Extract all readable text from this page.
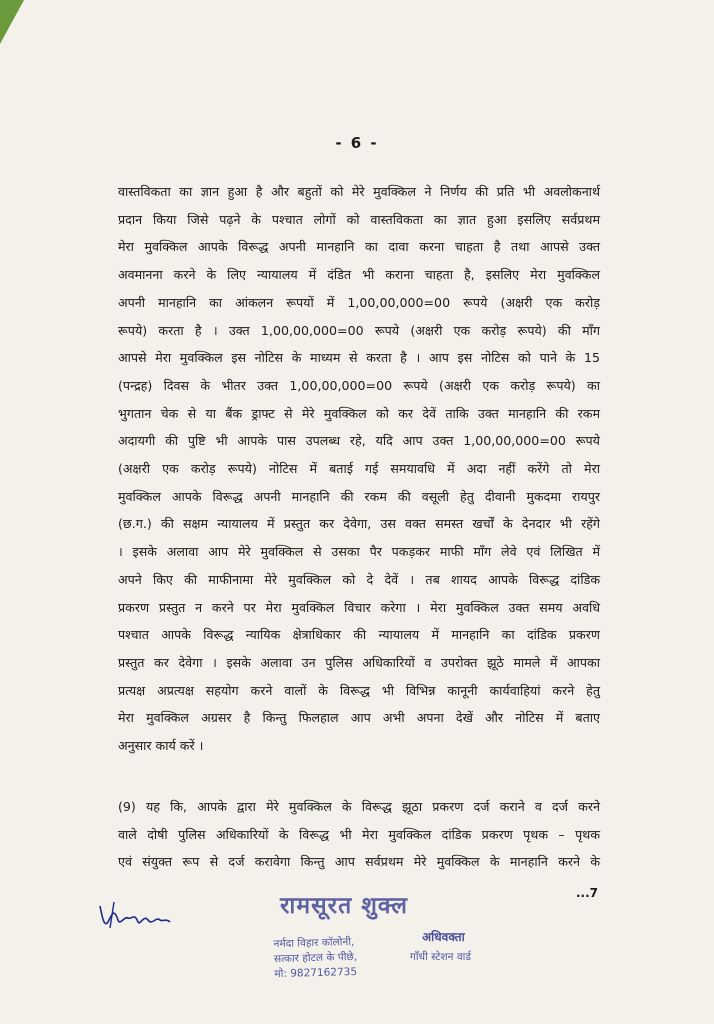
- 6 -
वास्तविकता का ज्ञान हुआ है और बहुतों को मेरे मुवक्किल ने निर्णय की प्रति भी अवलोकनार्थ
प्रदान किया जिसे पढ़ने के पश्चात लोगों को वास्तविकता का ज्ञात हुआ इसलिए सर्वप्रथम
मेरा मुवक्किल आपके विरूद्ध अपनी मानहानि का दावा करना चाहता है तथा आपसे उक्त
अवमानना करने के लिए न्यायालय में दंडित भी कराना चाहता है, इसलिए मेरा मुवक्किल
अपनी मानहानि का आंकलन रूपयों में 1,00,00,000=00 रूपये (अक्षरी एक करोड़
रूपये) करता है । उक्त 1,00,00,000=00 रूपये (अक्षरी एक करोड़ रूपये) की माँग
आपसे मेरा मुवक्किल इस नोटिस के माध्यम से करता है । आप इस नोटिस को पाने के 15
(पन्द्रह) दिवस के भीतर उक्त 1,00,00,000=00 रूपये (अक्षरी एक करोड़ रूपये) का
भुगतान चेक से या बैंक ड्राफ्ट से मेरे मुवक्किल को कर देवें ताकि उक्त मानहानि की रकम
अदायगी की पुष्टि भी आपके पास उपलब्ध रहे, यदि आप उक्त 1,00,00,000=00 रूपये
(अक्षरी एक करोड़ रूपये) नोटिस में बताई गई समयावधि में अदा नहीं करेंगे तो मेरा
मुवक्किल आपके विरूद्ध अपनी मानहानि की रकम की वसूली हेतु दीवानी मुकदमा रायपुर
(छ.ग.) की सक्षम न्यायालय में प्रस्तुत कर देवेगा, उस वक्त समस्त खर्चों के देनदार भी रहेंगे
। इसके अलावा आप मेरे मुवक्किल से उसका पैर पकड़कर माफी माँग लेवे एवं लिखित में
अपने किए की माफीनामा मेरे मुवक्किल को दे देवें । तब शायद आपके विरूद्ध दांडिक
प्रकरण प्रस्तुत न करने पर मेरा मुवक्किल विचार करेगा । मेरा मुवक्किल उक्त समय अवधि
पश्चात आपके विरूद्ध न्यायिक क्षेत्राधिकार की न्यायालय में मानहानि का दांडिक प्रकरण
प्रस्तुत कर देवेगा । इसके अलावा उन पुलिस अधिकारियों व उपरोक्त झूठे मामले में आपका
प्रत्यक्ष अप्रत्यक्ष सहयोग करने वालों के विरूद्ध भी विभिन्न कानूनी कार्यवाहियां करने हेतु
मेरा मुवक्किल अग्रसर है किन्तु फिलहाल आप अभी अपना देखें और नोटिस में बताए
अनुसार कार्य करें ।
(9) यह कि, आपके द्वारा मेरे मुवक्किल के विरूद्ध झूठा प्रकरण दर्ज कराने व दर्ज करने
वाले दोषी पुलिस अधिकारियों के विरूद्ध भी मेरा मुवक्किल दांडिक प्रकरण पृथक – पृथक
एवं संयुक्त रूप से दर्ज करावेगा किन्तु आप सर्वप्रथम मेरे मुवक्किल के मानहानि करने के
...7
रामसूरत शुक्ल
अधिवक्ता
नर्मदा विहार कॉलोनी,
सत्कार होटल के पीछे,
मो: 9827162735
गाँधी स्टेशन वार्ड
